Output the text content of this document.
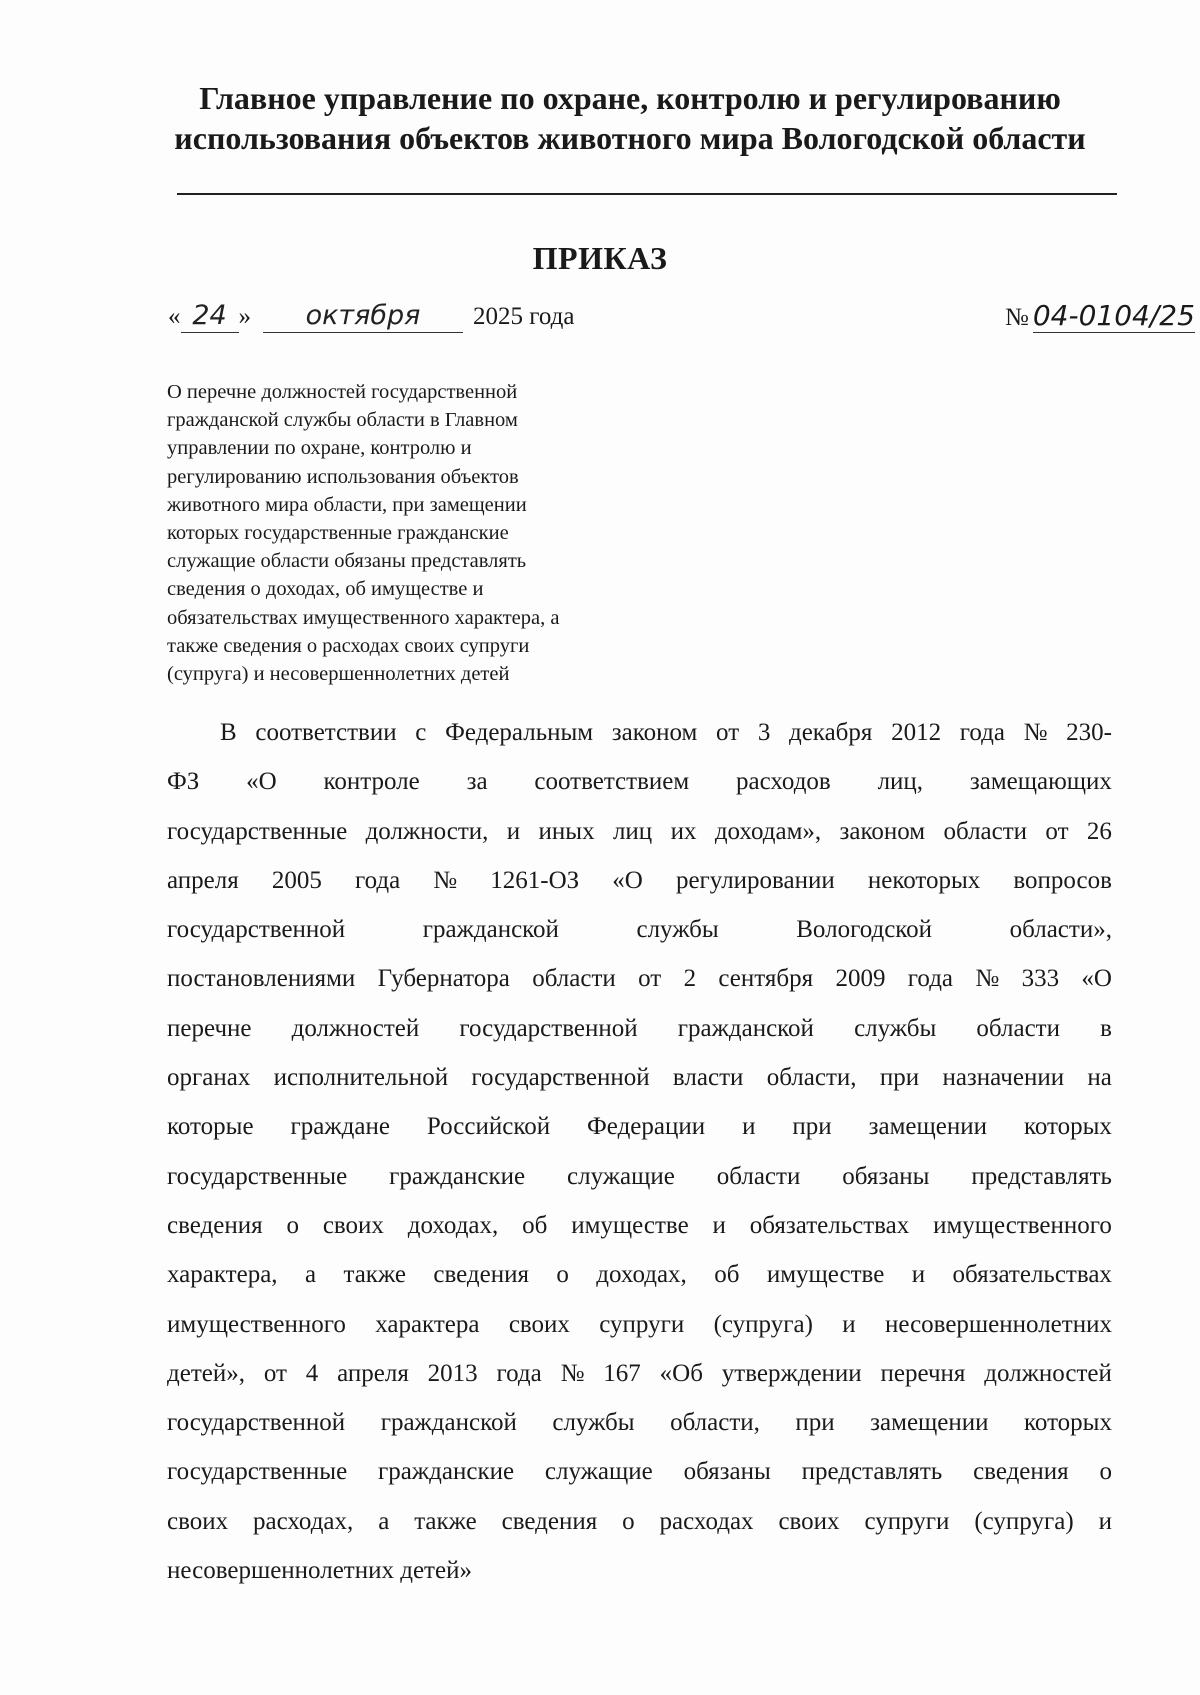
Главное управление по охране, контролю и регулированию
использования объектов животного мира Вологодской области
ПРИКАЗ
« 24 » октября 2025 года	№ 04-0104/25
О перечне должностей государственной
гражданской службы области в Главном
управлении по охране, контролю и
регулированию использования объектов
животного мира области, при замещении
которых государственные гражданские
служащие области обязаны представлять
сведения о доходах, об имуществе и
обязательствах имущественного характера, а
также сведения о расходах своих супруги
(супруга) и несовершеннолетних детей
В соответствии с Федеральным законом от 3 декабря 2012 года № 230-
ФЗ «О контроле за соответствием расходов лиц, замещающих
государственные должности, и иных лиц их доходам», законом области от 26
апреля 2005 года № 1261-ОЗ «О регулировании некоторых вопросов
государственной	гражданской	службы	Вологодской	области»,
постановлениями Губернатора области от 2 сентября 2009 года № 333 «О
перечне должностей государственной гражданской службы области в
органах исполнительной государственной власти области, при назначении на
которые граждане Российской Федерации и при замещении которых
государственные гражданские служащие области обязаны представлять
сведения о своих доходах, об имуществе и обязательствах имущественного
характера, а также сведения о доходах, об имуществе и обязательствах
имущественного характера своих супруги (супруга) и несовершеннолетних
детей», от 4 апреля 2013 года № 167 «Об утверждении перечня должностей
государственной гражданской службы области, при замещении которых
государственные гражданские служащие обязаны представлять сведения о
своих расходах, а также сведения о расходах своих супруги (супруга) и
несовершеннолетних детей»
